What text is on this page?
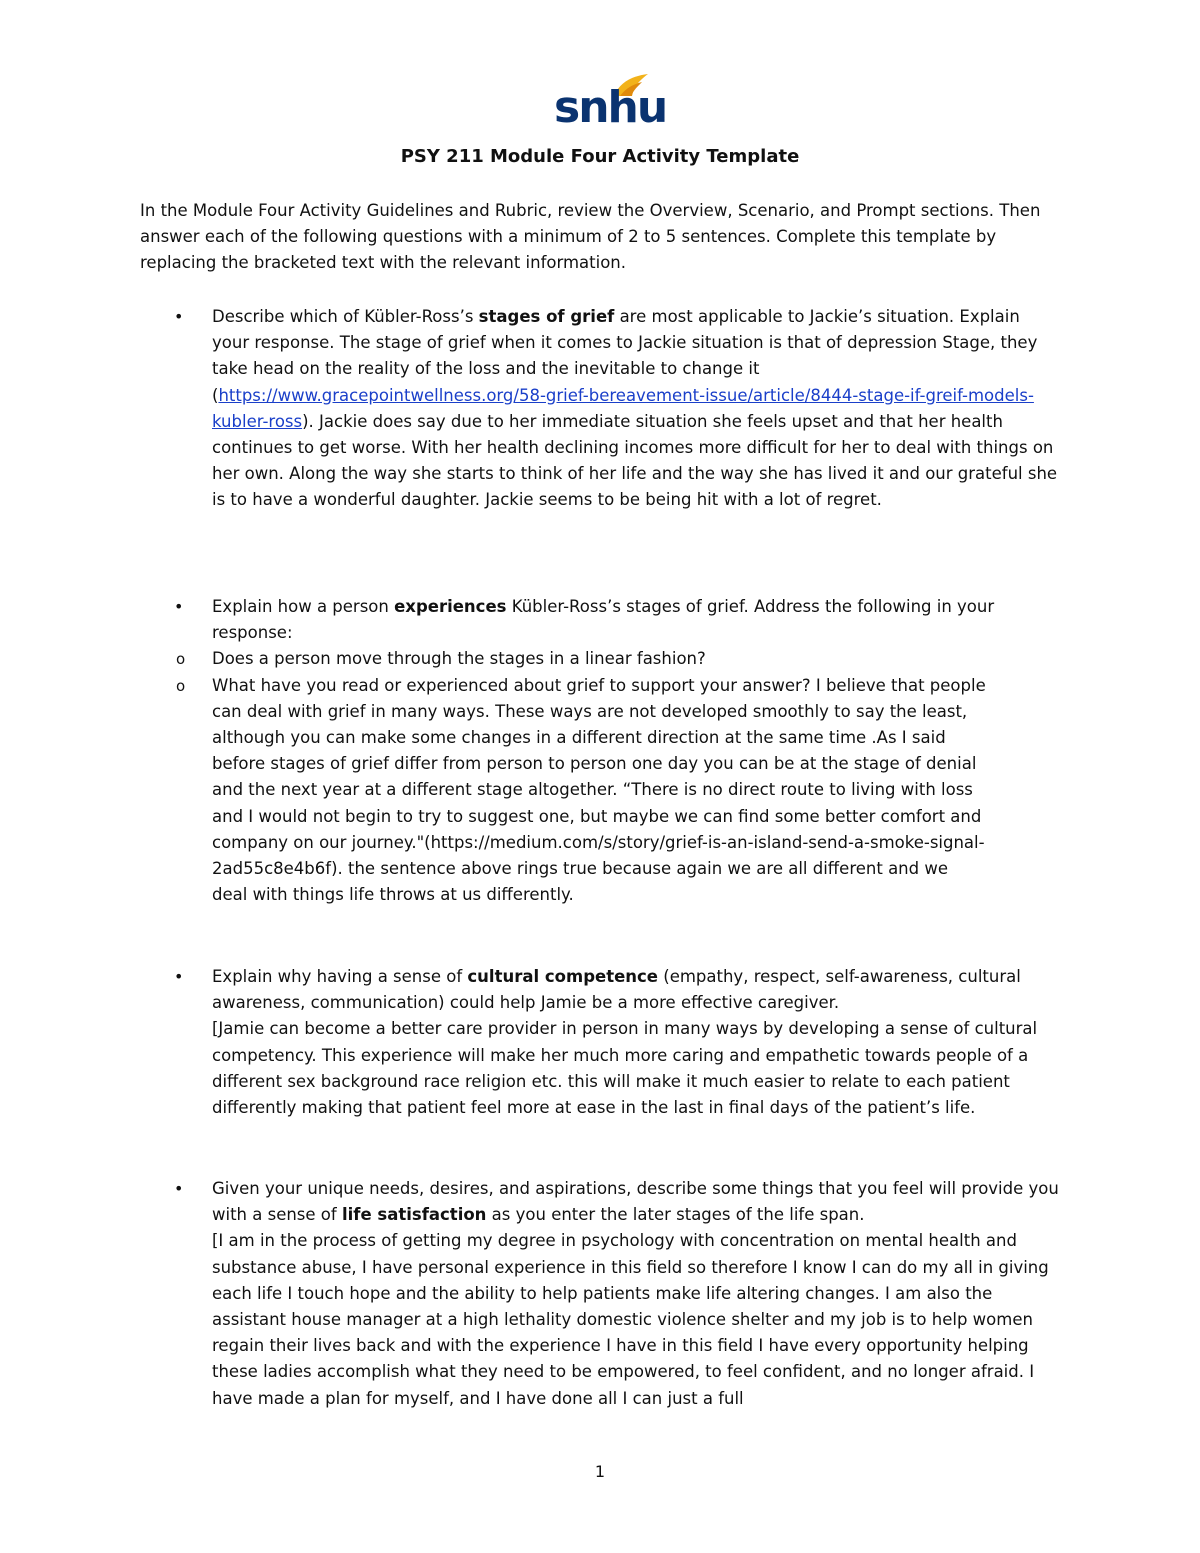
snhu
PSY 211 Module Four Activity Template
In the Module Four Activity Guidelines and Rubric, review the Overview, Scenario, and Prompt sections. Then answer each of the following questions with a minimum of 2 to 5 sentences. Complete this template by replacing the bracketed text with the relevant information.
• Describe which of Kübler-Ross’s stages of grief are most applicable to Jackie’s situation. Explain your response. The stage of grief when it comes to Jackie situation is that of depression Stage, they take head on the reality of the loss and the inevitable to change it (https://www.gracepointwellness.org/58-grief-bereavement-issue/article/8444-stage-if-greif-models-kubler-ross). Jackie does say due to her immediate situation she feels upset and that her health continues to get worse. With her health declining incomes more difficult for her to deal with things on her own. Along the way she starts to think of her life and the way she has lived it and our grateful she is to have a wonderful daughter. Jackie seems to be being hit with a lot of regret.
• Explain how a person experiences Kübler-Ross’s stages of grief. Address the following in your response:
o Does a person move through the stages in a linear fashion?
o What have you read or experienced about grief to support your answer? I believe that people can deal with grief in many ways. These ways are not developed smoothly to say the least, although you can make some changes in a different direction at the same time .As I said before stages of grief differ from person to person one day you can be at the stage of denial and the next year at a different stage altogether. “There is no direct route to living with loss and I would not begin to try to suggest one, but maybe we can find some better comfort and company on our journey."(https://medium.com/s/story/grief-is-an-island-send-a-smoke-signal-2ad55c8e4b6f). the sentence above rings true because again we are all different and we deal with things life throws at us differently.
• Explain why having a sense of cultural competence (empathy, respect, self-awareness, cultural awareness, communication) could help Jamie be a more effective caregiver.
[Jamie can become a better care provider in person in many ways by developing a sense of cultural competency. This experience will make her much more caring and empathetic towards people of a different sex background race religion etc. this will make it much easier to relate to each patient differently making that patient feel more at ease in the last in final days of the patient’s life.
• Given your unique needs, desires, and aspirations, describe some things that you feel will provide you with a sense of life satisfaction as you enter the later stages of the life span.
[I am in the process of getting my degree in psychology with concentration on mental health and substance abuse, I have personal experience in this field so therefore I know I can do my all in giving each life I touch hope and the ability to help patients make life altering changes. I am also the assistant house manager at a high lethality domestic violence shelter and my job is to help women regain their lives back and with the experience I have in this field I have every opportunity helping these ladies accomplish what they need to be empowered, to feel confident, and no longer afraid. I have made a plan for myself, and I have done all I can just a full
1
